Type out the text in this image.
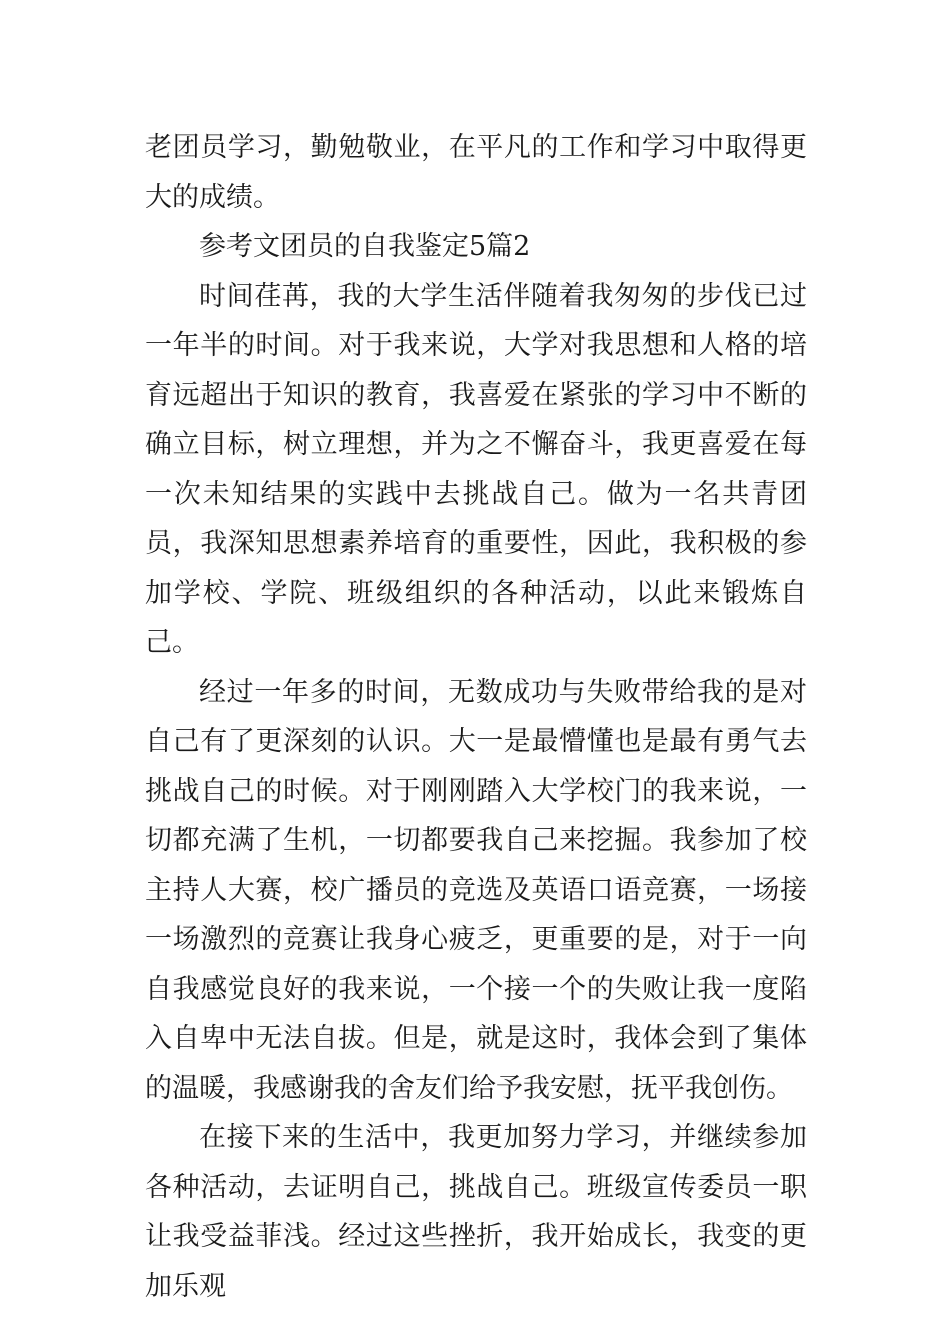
老团员学习，勤勉敬业，在平凡的工作和学习中取得更大的成绩。

参考文团员的自我鉴定5篇2

时间荏苒，我的大学生活伴随着我匆匆的步伐已过一年半的时间。对于我来说，大学对我思想和人格的培育远超出于知识的教育，我喜爱在紧张的学习中不断的确立目标，树立理想，并为之不懈奋斗，我更喜爱在每一次未知结果的实践中去挑战自己。做为一名共青团员，我深知思想素养培育的重要性，因此，我积极的参加学校、学院、班级组织的各种活动，以此来锻炼自己。

经过一年多的时间，无数成功与失败带给我的是对自己有了更深刻的认识。大一是最懵懂也是最有勇气去挑战自己的时候。对于刚刚踏入大学校门的我来说，一切都充满了生机，一切都要我自己来挖掘。我参加了校主持人大赛，校广播员的竞选及英语口语竞赛，一场接一场激烈的竞赛让我身心疲乏，更重要的是，对于一向自我感觉良好的我来说，一个接一个的失败让我一度陷入自卑中无法自拔。但是，就是这时，我体会到了集体的温暖，我感谢我的舍友们给予我安慰，抚平我创伤。

在接下来的生活中，我更加努力学习，并继续参加各种活动，去证明自己，挑战自己。班级宣传委员一职让我受益菲浅。经过这些挫折，我开始成长，我变的更加乐观
